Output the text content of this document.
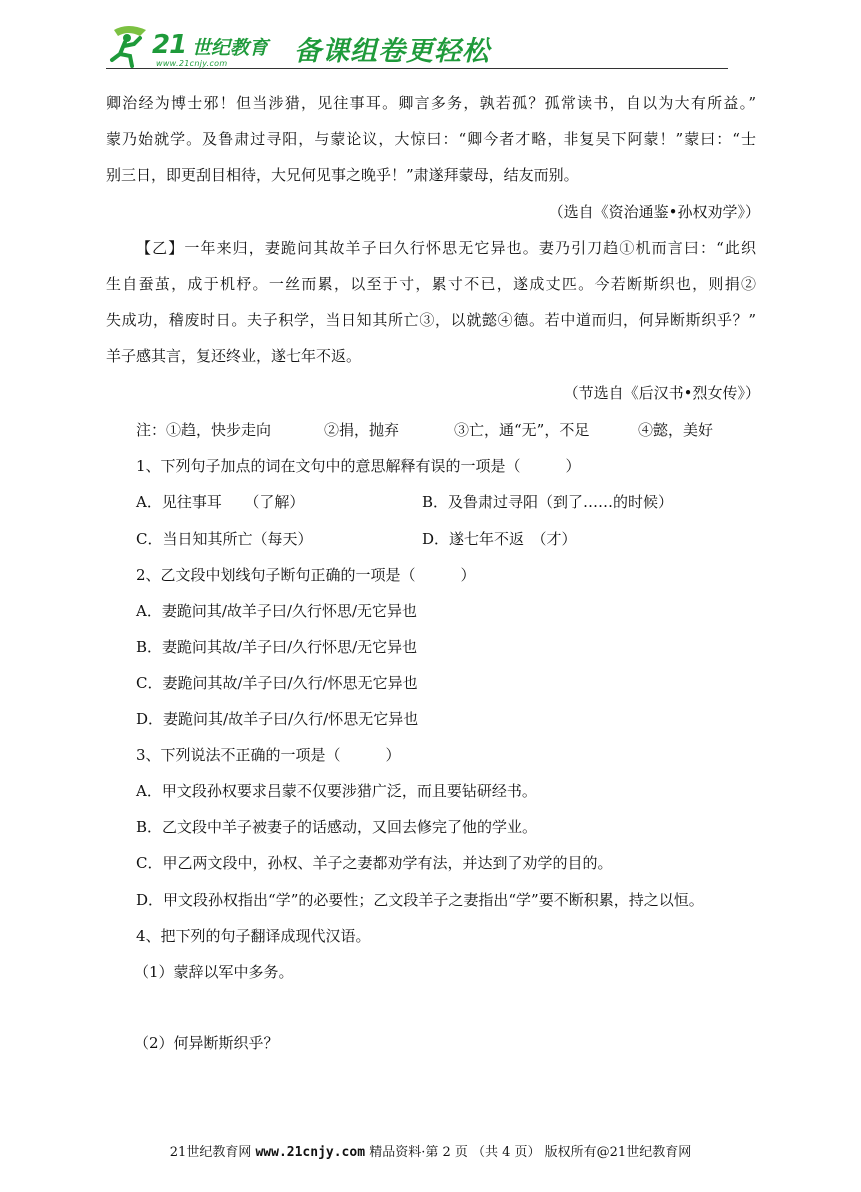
21 世纪教育
www.21cnjy.com 备课组卷更轻松
卿治经为博士邪！但当涉猎，见往事耳。卿言多务，孰若孤？孤常读书，自以为大有所益。”
蒙乃始就学。及鲁肃过寻阳，与蒙论议，大惊曰：“卿今者才略，非复吴下阿蒙！”蒙曰：“士
别三日，即更刮目相待，大兄何见事之晚乎！”肃遂拜蒙母，结友而别。
（选自《资治通鉴•孙权劝学》）
【乙】一年来归，妻跪问其故羊子曰久行怀思无它异也。妻乃引刀趋①机而言曰：“此织
生自蚕茧，成于机杼。一丝而累，以至于寸，累寸不已，遂成丈匹。今若断斯织也，则捐②
失成功，稽废时日。夫子积学，当日知其所亡③，以就懿④德。若中道而归，何异断斯织乎？”
羊子感其言，复还终业，遂七年不返。
（节选自《后汉书•烈女传》）
注： ①趋，快步走向	②捐，抛弃	③亡，通“无”，不足	④懿，美好
1、下列句子加点的词在文句中的意思解释有误的一项是（　　　）
A．见往事耳　　（了解）	B．及鲁肃过寻阳（到了……的时候）
C．当日知其所亡（每天）	D．遂七年不返　（才）
2、乙文段中划线句子断句正确的一项是（　　　）
A．妻跪问其/故羊子曰/久行怀思/无它异也
B．妻跪问其故/羊子曰/久行怀思/无它异也
C．妻跪问其故/羊子曰/久行/怀思无它异也
D．妻跪问其/故羊子曰/久行/怀思无它异也
3、下列说法不正确的一项是（　　　）
A．甲文段孙权要求吕蒙不仅要涉猎广泛，而且要钻研经书。
B．乙文段中羊子被妻子的话感动，又回去修完了他的学业。
C．甲乙两文段中，孙权、羊子之妻都劝学有法，并达到了劝学的目的。
D．甲文段孙权指出“学”的必要性；乙文段羊子之妻指出“学”要不断积累，持之以恒。
4、把下列的句子翻译成现代汉语。
（1）蒙辞以军中多务。
（2）何异断斯织乎？
21世纪教育网 www.21cnjy.com 精品资料·第 2 页 （共 4 页） 版权所有@21世纪教育网
